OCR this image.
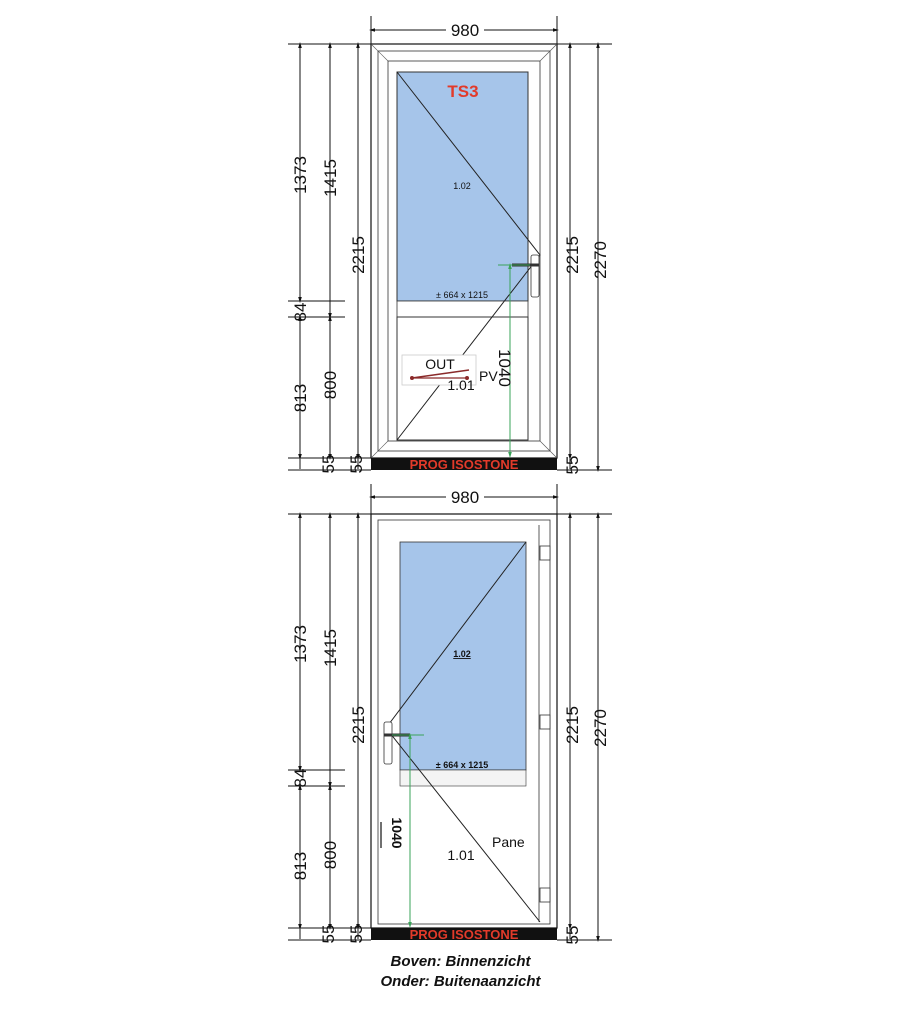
980
1040
TS3
1.02
± 664 x 1215
OUT
1.01
PV
PROG ISOSTONE
1373 1415
84
813 800
55 55
2215	2215 2270
55
980
1040
1.02
± 664 x 1215
1.01
Pane
PROG ISOSTONE
1373 1415
84
813 800
55 55
2215	2215 2270
55
Boven: Binnenzicht
Onder: Buitenaanzicht
